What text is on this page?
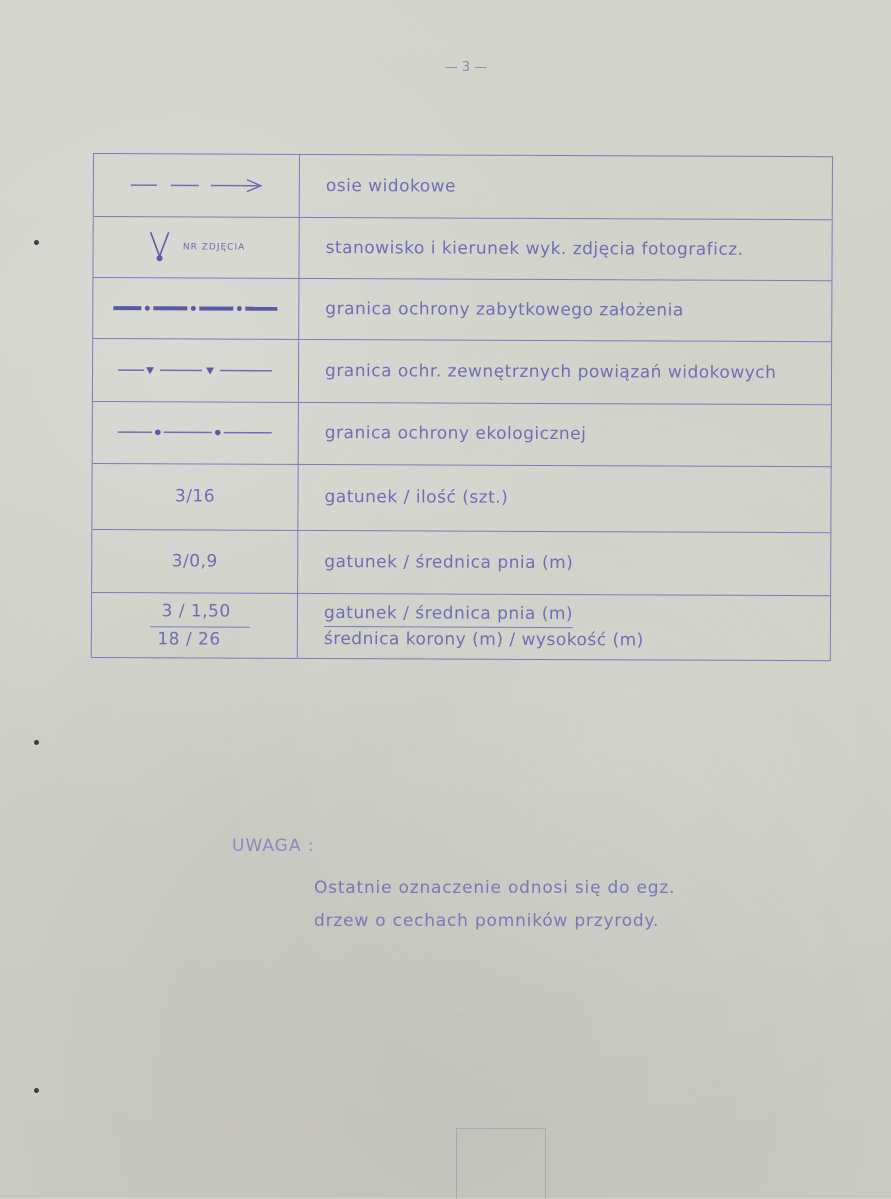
— 3 —
osie widokowe
NR ZDJĘCIA	stanowisko i kierunek wyk. zdjęcia fotograficz.
granica ochrony zabytkowego założenia
granica ochr. zewnętrznych powiązań widokowych
granica ochrony ekologicznej
3/16	gatunek / ilość (szt.)
3/0,9	gatunek / średnica pnia (m)
$\frac{3 / 1,50}{18 / 26}$	gatunek / średnica pnia (m)
średnica korony (m) / wysokość (m)
UWAGA :
Ostatnie oznaczenie odnosi się do egz.
drzew o cechach pomników przyrody.
